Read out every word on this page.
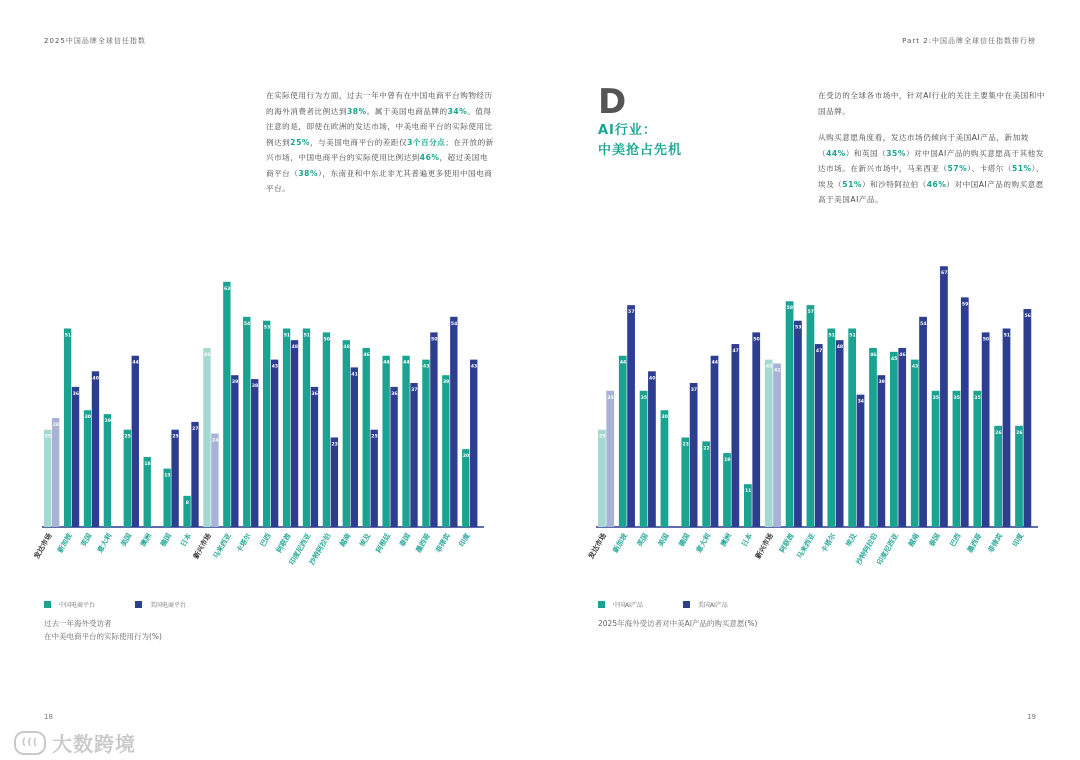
2025中国品牌全球信任指数	Part 2:中国品牌全球信任指数排行榜
在实际使用行为方面，过去一年中曾有在中国电商平台购物经历的海外消费者比例达到38%。属于美国电商品牌的34%。值得注意的是，即使在欧洲的发达市场，中美电商平台的实际使用比例达到25%，与美国电商平台的差距仅3个百分点；在开放的新兴市场，中国电商平台的实际使用比例达到46%，超过美国电商平台（38%），东南亚和中东北非尤其普遍更多使用中国电商平台。
D
AI行业：
中美抢占先机
在受访的全球各市场中，针对AI行业的关注主要集中在美国和中国品牌。
从购买意愿角度看，发达市场仍倾向于美国AI产品，新加坡（44%）和英国（35%）对中国AI产品的购买意愿高于其他发达市场。在新兴市场中，马来西亚（57%）、卡塔尔（51%）、埃及（51%）和沙特阿拉伯（46%）对中国AI产品的购买意愿高于美国AI产品。
25
28
发达市场
51
36
新加坡
30
40
英国
29
意大利
25
44
美国
18
澳洲
15
25
德国
8
27
日本
46
24
新兴市场
63
39
马来西亚
54
38
卡塔尔
53
43
巴西
51
48
阿联酋
51
36
印度尼西亚
50
23
沙特阿拉伯
48
41
越南
46
25
埃及
44
36
阿根廷
44
37
泰国
43
50
墨西哥
39
54
菲律宾
20
43
印度
25
35
发达市场
44
57
新加坡
35
40
英国
30
美国
23
37
德国
22
44
意大利
19
47
澳洲
11
50
日本
43
42
新兴市场
58
53
阿联酋
57
47
马来西亚
51
48
卡塔尔
51
34
埃及
46
39
沙特阿拉伯
45
46
印度尼西亚
43
54
越南
35
67
泰国
35
59
巴西
35
50
墨西哥
26
51
菲律宾
26
56
印度
中国电商平台	美国电商平台
过去一年海外受访者
在中美电商平台的实际使用行为(%)
中国AI产品	美国AI产品
2025年海外受访者对中美AI产品的购买意愿(%)
18	19
((( 大数跨境
